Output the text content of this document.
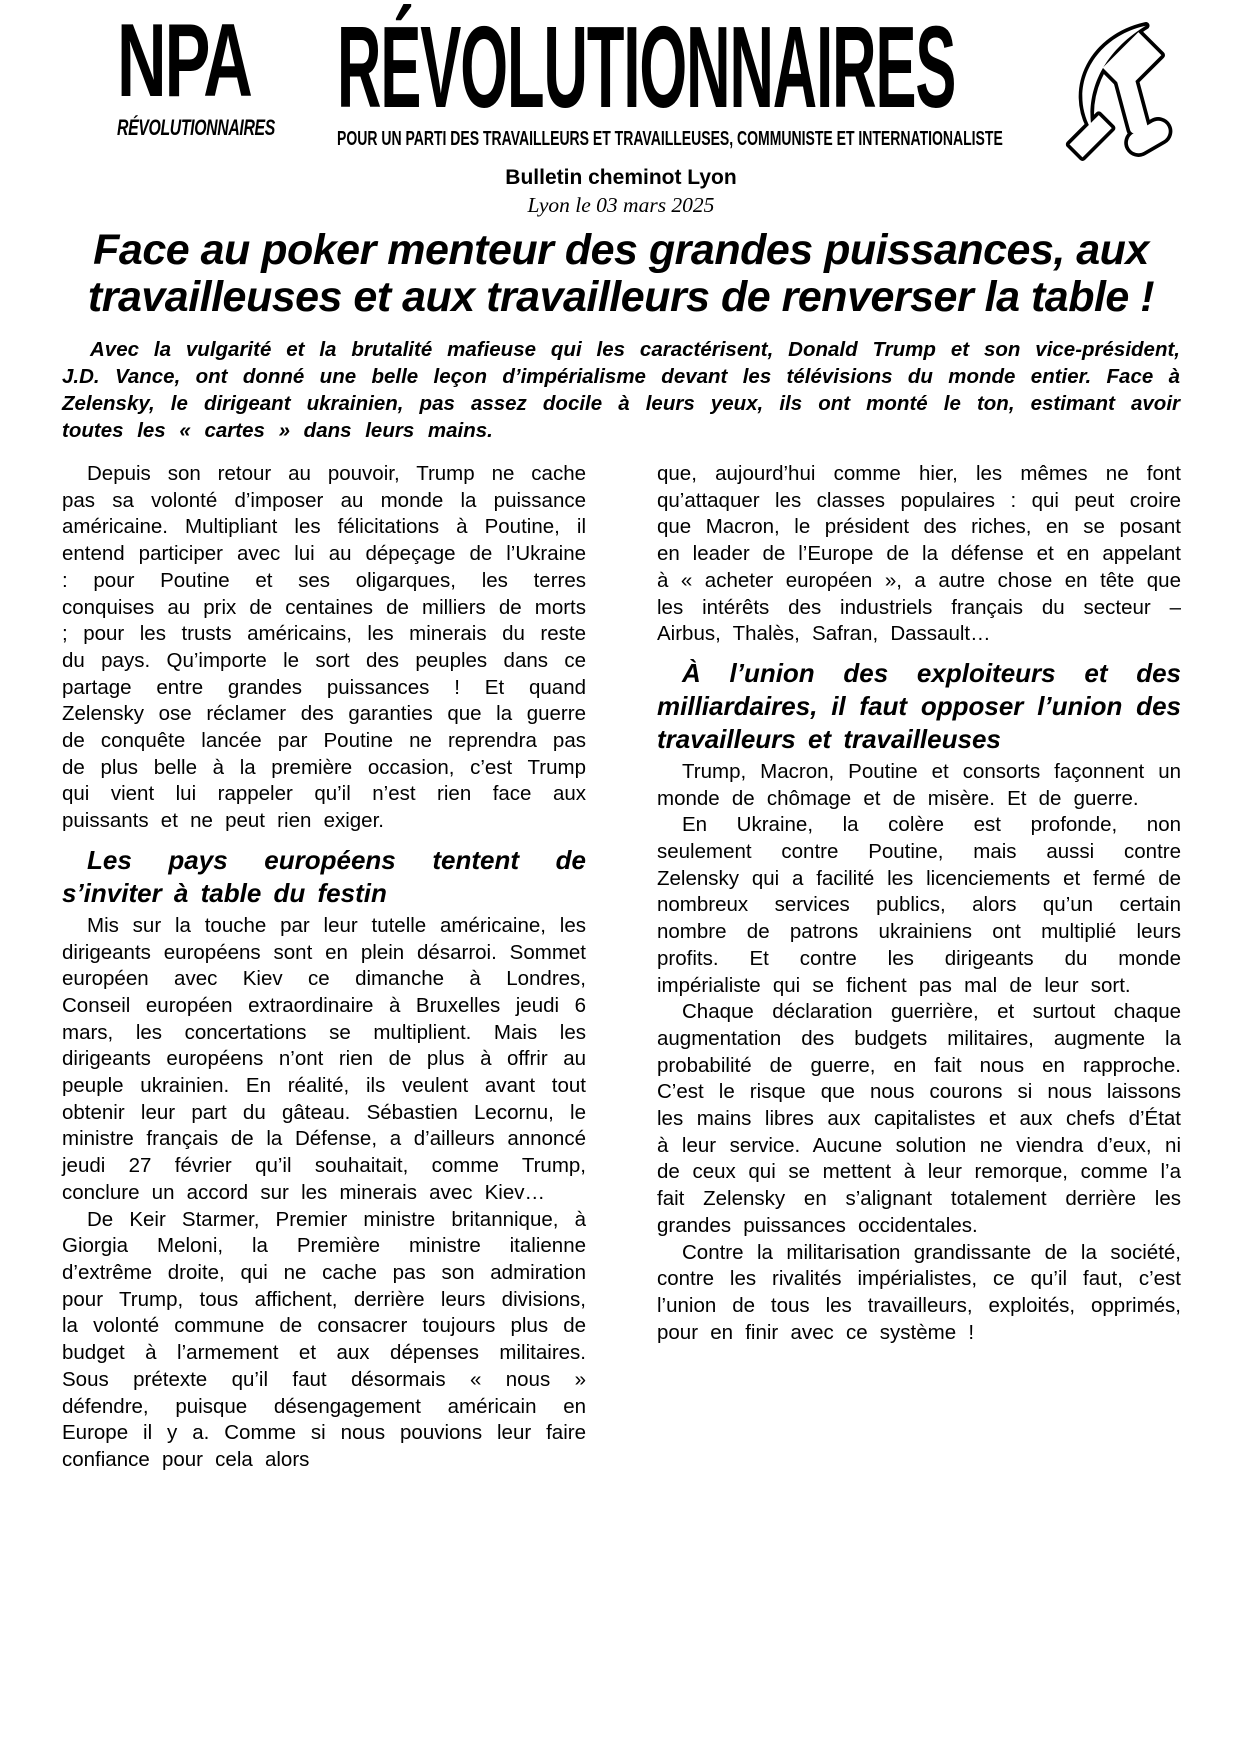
NPA
RÉVOLUTIONNAIRES RÉVOLUTIONNAIRES
POUR UN PARTI DES TRAVAILLEURS ET TRAVAILLEUSES, COMMUNISTE ET INTERNATIONALISTE
Bulletin cheminot Lyon
Lyon le 03 mars 2025
Face au poker menteur des grandes puissances, aux travailleuses et aux travailleurs de renverser la table !

Avec la vulgarité et la brutalité mafieuse qui les caractérisent, Donald Trump et son vice-président, J.D. Vance, ont donné une belle leçon d’impérialisme devant les télévisions du monde entier. Face à Zelensky, le dirigeant ukrainien, pas assez docile à leurs yeux, ils ont monté le ton, estimant avoir toutes les « cartes » dans leurs mains.

Depuis son retour au pouvoir, Trump ne cache pas sa volonté d’imposer au monde la puissance américaine. Multipliant les félicitations à Poutine, il entend participer avec lui au dépeçage de l’Ukraine : pour Poutine et ses oligarques, les terres conquises au prix de centaines de milliers de morts ; pour les trusts américains, les minerais du reste du pays. Qu’importe le sort des peuples dans ce partage entre grandes puissances ! Et quand Zelensky ose réclamer des garanties que la guerre de conquête lancée par Poutine ne reprendra pas de plus belle à la première occasion, c’est Trump qui vient lui rappeler qu’il n’est rien face aux puissants et ne peut rien exiger.

Les pays européens tentent de s’inviter à table du festin

Mis sur la touche par leur tutelle américaine, les dirigeants européens sont en plein désarroi. Sommet européen avec Kiev ce dimanche à Londres, Conseil européen extraordinaire à Bruxelles jeudi 6 mars, les concertations se multiplient. Mais les dirigeants européens n’ont rien de plus à offrir au peuple ukrainien. En réalité, ils veulent avant tout obtenir leur part du gâteau. Sébastien Lecornu, le ministre français de la Défense, a d’ailleurs annoncé jeudi 27 février qu’il souhaitait, comme Trump, conclure un accord sur les minerais avec Kiev…

De Keir Starmer, Premier ministre britannique, à Giorgia Meloni, la Première ministre italienne d’extrême droite, qui ne cache pas son admiration pour Trump, tous affichent, derrière leurs divisions, la volonté commune de consacrer toujours plus de budget à l’armement et aux dépenses militaires. Sous prétexte qu’il faut désormais « nous » défendre, puisque désengagement américain en Europe il y a. Comme si nous pouvions leur faire confiance pour cela alors

que, aujourd’hui comme hier, les mêmes ne font qu’attaquer les classes populaires : qui peut croire que Macron, le président des riches, en se posant en leader de l’Europe de la défense et en appelant à « acheter européen », a autre chose en tête que les intérêts des industriels français du secteur – Airbus, Thalès, Safran, Dassault…

À l’union des exploiteurs et des milliardaires, il faut opposer l’union des travailleurs et travailleuses

Trump, Macron, Poutine et consorts façonnent un monde de chômage et de misère. Et de guerre.

En Ukraine, la colère est profonde, non seulement contre Poutine, mais aussi contre Zelensky qui a facilité les licenciements et fermé de nombreux services publics, alors qu’un certain nombre de patrons ukrainiens ont multiplié leurs profits. Et contre les dirigeants du monde impérialiste qui se fichent pas mal de leur sort.

Chaque déclaration guerrière, et surtout chaque augmentation des budgets militaires, augmente la probabilité de guerre, en fait nous en rapproche. C’est le risque que nous courons si nous laissons les mains libres aux capitalistes et aux chefs d’État à leur service. Aucune solution ne viendra d’eux, ni de ceux qui se mettent à leur remorque, comme l’a fait Zelensky en s’alignant totalement derrière les grandes puissances occidentales.

Contre la militarisation grandissante de la société, contre les rivalités impérialistes, ce qu’il faut, c’est l’union de tous les travailleurs, exploités, opprimés, pour en finir avec ce système !
